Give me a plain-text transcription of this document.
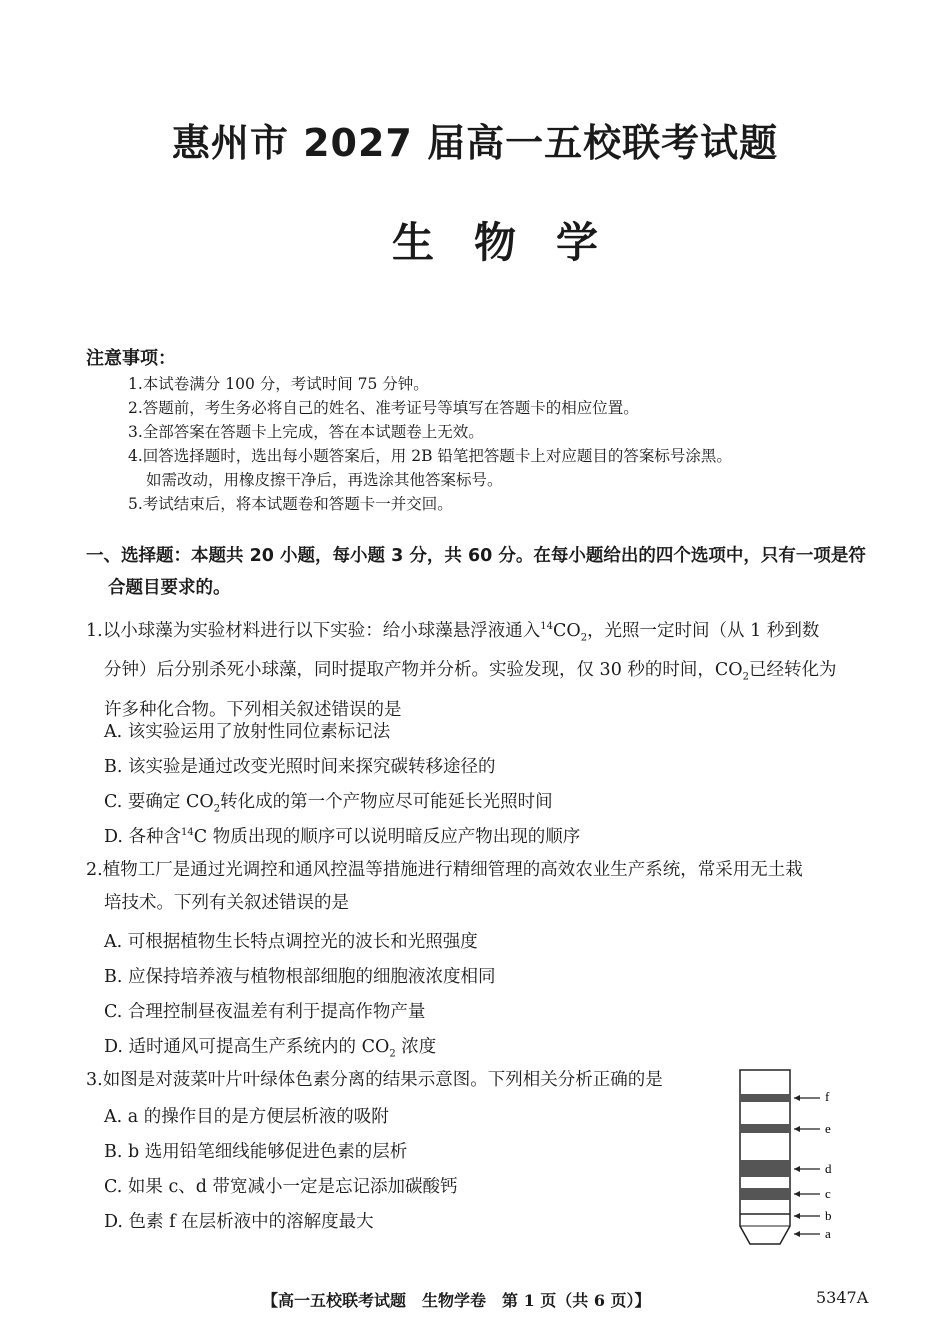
惠州市 2027 届高一五校联考试题
生物学
注意事项：
1.本试卷满分 100 分，考试时间 75 分钟。
2.答题前，考生务必将自己的姓名、准考证号等填写在答题卡的相应位置。
3.全部答案在答题卡上完成，答在本试题卷上无效。
4.回答选择题时，选出每小题答案后，用 2B 铅笔把答题卡上对应题目的答案标号涂黑。
如需改动，用橡皮擦干净后，再选涂其他答案标号。
5.考试结束后，将本试题卷和答题卡一并交回。
一、选择题：本题共 20 小题，每小题 3 分，共 60 分。在每小题给出的四个选项中，只有一项是符
合题目要求的。
1.以小球藻为实验材料进行以下实验：给小球藻悬浮液通入$^{14}CO_2$，光照一定时间（从 1 秒到数
分钟）后分别杀死小球藻，同时提取产物并分析。实验发现，仅 30 秒的时间，$CO_2$已经转化为
许多种化合物。下列相关叙述错误的是
A. 该实验运用了放射性同位素标记法
B. 该实验是通过改变光照时间来探究碳转移途径的
C. 要确定 $CO_2$转化成的第一个产物应尽可能延长光照时间
D. 各种含$^{14}$C 物质出现的顺序可以说明暗反应产物出现的顺序
2.植物工厂是通过光调控和通风控温等措施进行精细管理的高效农业生产系统，常采用无土栽
培技术。下列有关叙述错误的是
A. 可根据植物生长特点调控光的波长和光照强度
B. 应保持培养液与植物根部细胞的细胞液浓度相同
C. 合理控制昼夜温差有利于提高作物产量
D. 适时通风可提高生产系统内的 $CO_2$ 浓度
3.如图是对菠菜叶片叶绿体色素分离的结果示意图。下列相关分析正确的是
A. a 的操作目的是方便层析液的吸附
B. b 选用铅笔细线能够促进色素的层析
C. 如果 c、d 带宽减小一定是忘记添加碳酸钙
D. 色素 f 在层析液中的溶解度最大
f
e
d
c
b
a
【高一五校联考试题　生物学卷　第 1 页（共 6 页）】	5347A
